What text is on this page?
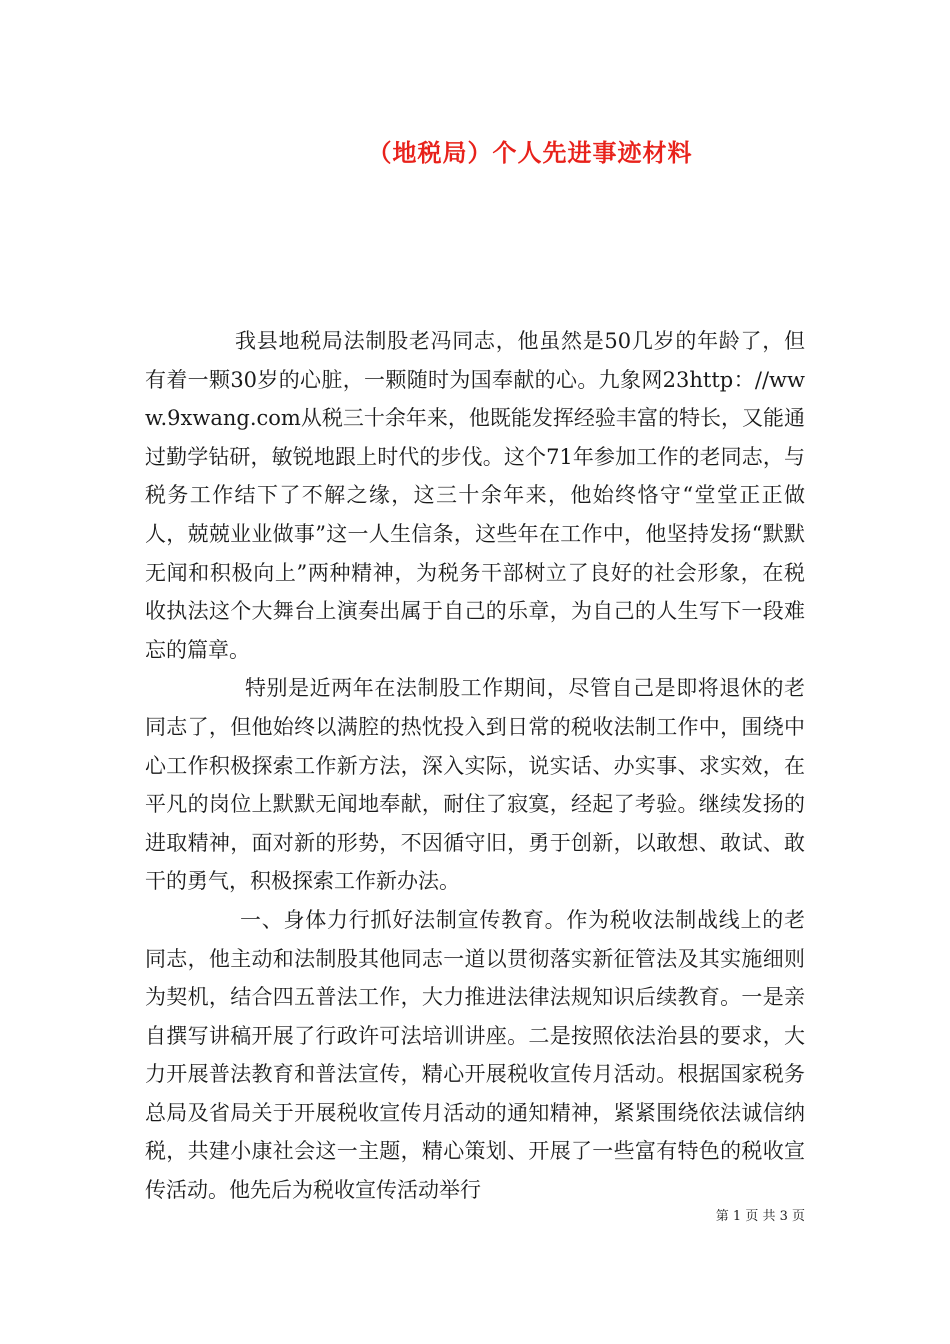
（地税局）个人先进事迹材料

我县地税局法制股老冯同志，他虽然是50几岁的年龄了，但有着一颗30岁的心脏，一颗随时为国奉献的心。九象网23http：//www.9xwang.com从税三十余年来，他既能发挥经验丰富的特长，又能通过勤学钻研，敏锐地跟上时代的步伐。这个71年参加工作的老同志，与税务工作结下了不解之缘，这三十余年来，他始终恪守“堂堂正正做人，兢兢业业做事”这一人生信条，这些年在工作中，他坚持发扬“默默无闻和积极向上”两种精神，为税务干部树立了良好的社会形象，在税收执法这个大舞台上演奏出属于自己的乐章，为自己的人生写下一段难忘的篇章。

特别是近两年在法制股工作期间，尽管自己是即将退休的老同志了，但他始终以满腔的热忱投入到日常的税收法制工作中，围绕中心工作积极探索工作新方法，深入实际，说实话、办实事、求实效，在平凡的岗位上默默无闻地奉献，耐住了寂寞，经起了考验。继续发扬的进取精神，面对新的形势，不因循守旧，勇于创新，以敢想、敢试、敢干的勇气，积极探索工作新办法。

一、身体力行抓好法制宣传教育。作为税收法制战线上的老同志，他主动和法制股其他同志一道以贯彻落实新征管法及其实施细则为契机，结合四五普法工作，大力推进法律法规知识后续教育。一是亲自撰写讲稿开展了行政许可法培训讲座。二是按照依法治县的要求，大力开展普法教育和普法宣传，精心开展税收宣传月活动。根据国家税务总局及省局关于开展税收宣传月活动的通知精神，紧紧围绕依法诚信纳税，共建小康社会这一主题，精心策划、开展了一些富有特色的税收宣传活动。他先后为税收宣传活动举行

第 1 页 共 3 页
